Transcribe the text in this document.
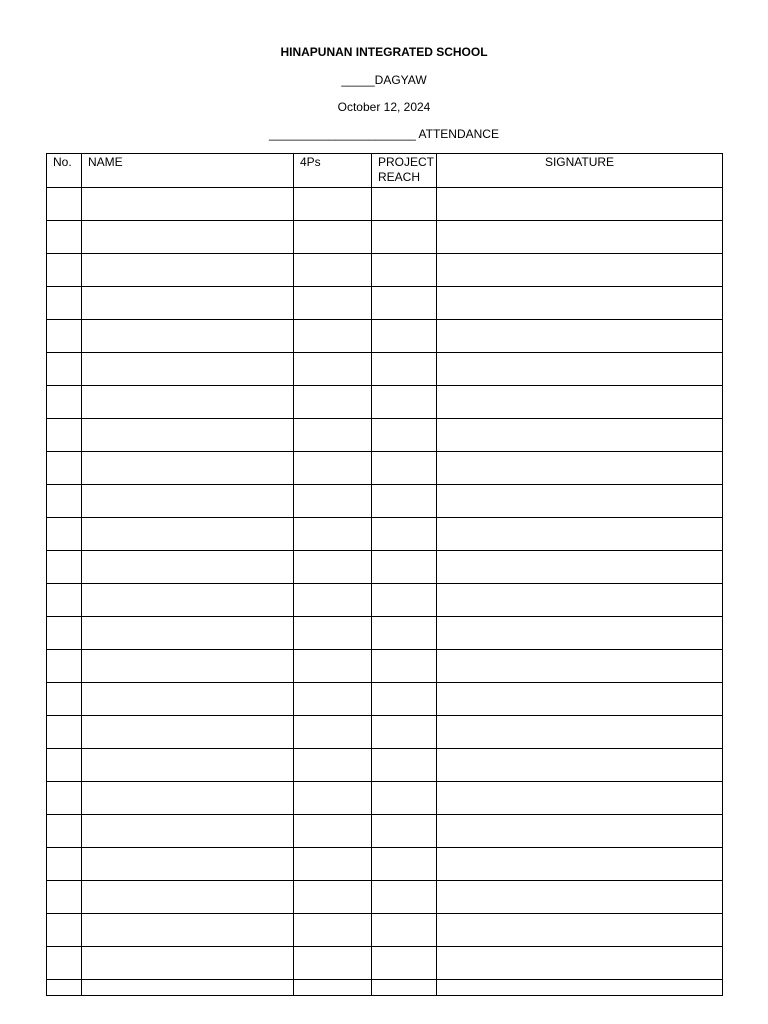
HINAPUNAN INTEGRATED SCHOOL
_____DAGYAW
October 12, 2024
______________________ ATTENDANCE
No.	NAME	4Ps	PROJECT REACH	SIGNATURE
